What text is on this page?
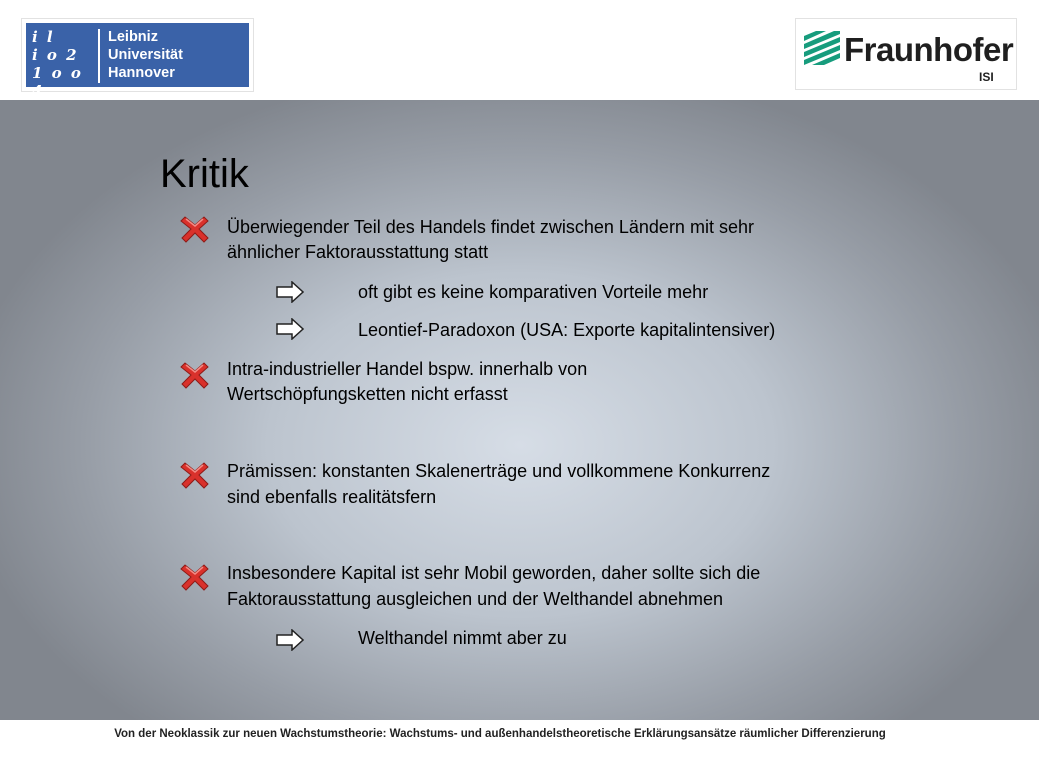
i l
i o 2
1 o o 4
Leibniz
Universität
Hannover
Fraunhofer
ISI
Kritik
Überwiegender Teil des Handels findet zwischen Ländern mit sehr
ähnlicher Faktorausstattung statt
oft gibt es keine komparativen Vorteile mehr
Leontief-Paradoxon (USA: Exporte kapitalintensiver)
Intra-industrieller Handel bspw. innerhalb von
Wertschöpfungsketten nicht erfasst
Prämissen: konstanten Skalenerträge und vollkommene Konkurrenz
sind ebenfalls realitätsfern
Insbesondere Kapital ist sehr Mobil geworden, daher sollte sich die
Faktorausstattung ausgleichen und der Welthandel abnehmen
Welthandel nimmt aber zu
Von der Neoklassik zur neuen Wachstumstheorie: Wachstums- und außenhandelstheoretische Erklärungsansätze räumlicher Differenzierung
